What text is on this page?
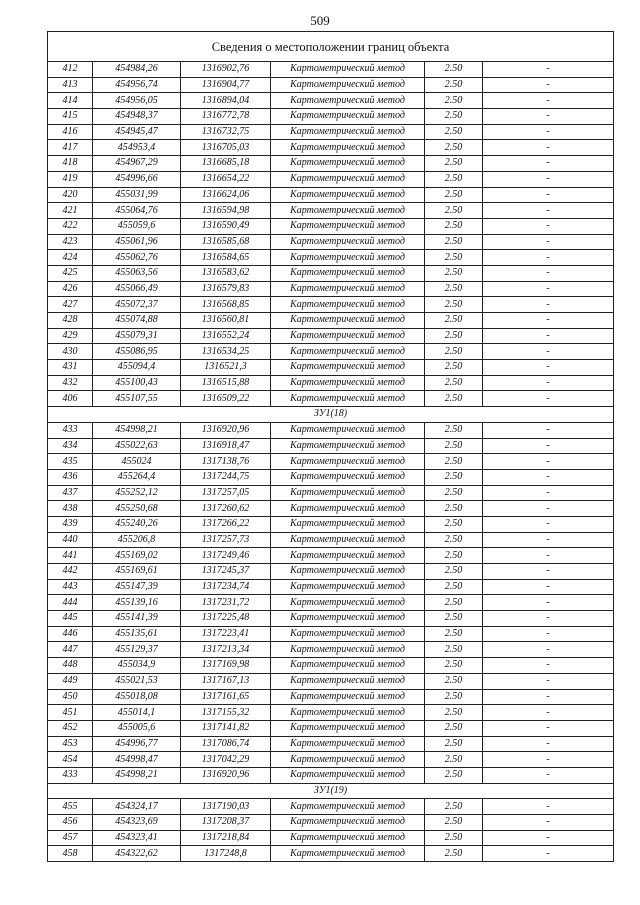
509
Сведения о местоположении границ объекта					
412	454984,26	1316902,76	Картометрический метод	2.50	-
413	454956,74	1316904,77	Картометрический метод	2.50	-
414	454956,05	1316894,04	Картометрический метод	2.50	-
415	454948,37	1316772,78	Картометрический метод	2.50	-
416	454945,47	1316732,75	Картометрический метод	2.50	-
417	454953,4	1316705,03	Картометрический метод	2.50	-
418	454967,29	1316685,18	Картометрический метод	2.50	-
419	454996,66	1316654,22	Картометрический метод	2.50	-
420	455031,99	1316624,06	Картометрический метод	2.50	-
421	455064,76	1316594,98	Картометрический метод	2.50	-
422	455059,6	1316590,49	Картометрический метод	2.50	-
423	455061,96	1316585,68	Картометрический метод	2.50	-
424	455062,76	1316584,65	Картометрический метод	2.50	-
425	455063,56	1316583,62	Картометрический метод	2.50	-
426	455066,49	1316579,83	Картометрический метод	2.50	-
427	455072,37	1316568,85	Картометрический метод	2.50	-
428	455074,88	1316560,81	Картометрический метод	2.50	-
429	455079,31	1316552,24	Картометрический метод	2.50	-
430	455086,95	1316534,25	Картометрический метод	2.50	-
431	455094,4	1316521,3	Картометрический метод	2.50	-
432	455100,43	1316515,88	Картометрический метод	2.50	-
406	455107,55	1316509,22	Картометрический метод	2.50	-
ЗУ1(18)					
433	454998,21	1316920,96	Картометрический метод	2.50	-
434	455022,63	1316918,47	Картометрический метод	2.50	-
435	455024	1317138,76	Картометрический метод	2.50	-
436	455264,4	1317244,75	Картометрический метод	2.50	-
437	455252,12	1317257,05	Картометрический метод	2.50	-
438	455250,68	1317260,62	Картометрический метод	2.50	-
439	455240,26	1317266,22	Картометрический метод	2.50	-
440	455206,8	1317257,73	Картометрический метод	2.50	-
441	455169,02	1317249,46	Картометрический метод	2.50	-
442	455169,61	1317245,37	Картометрический метод	2.50	-
443	455147,39	1317234,74	Картометрический метод	2.50	-
444	455139,16	1317231,72	Картометрический метод	2.50	-
445	455141,39	1317225,48	Картометрический метод	2.50	-
446	455135,61	1317223,41	Картометрический метод	2.50	-
447	455129,37	1317213,34	Картометрический метод	2.50	-
448	455034,9	1317169,98	Картометрический метод	2.50	-
449	455021,53	1317167,13	Картометрический метод	2.50	-
450	455018,08	1317161,65	Картометрический метод	2.50	-
451	455014,1	1317155,32	Картометрический метод	2.50	-
452	455005,6	1317141,82	Картометрический метод	2.50	-
453	454996,77	1317086,74	Картометрический метод	2.50	-
454	454998,47	1317042,29	Картометрический метод	2.50	-
433	454998,21	1316920,96	Картометрический метод	2.50	-
ЗУ1(19)					
455	454324,17	1317190,03	Картометрический метод	2.50	-
456	454323,69	1317208,37	Картометрический метод	2.50	-
457	454323,41	1317218,84	Картометрический метод	2.50	-
458	454322,62	1317248,8	Картометрический метод	2.50	-
